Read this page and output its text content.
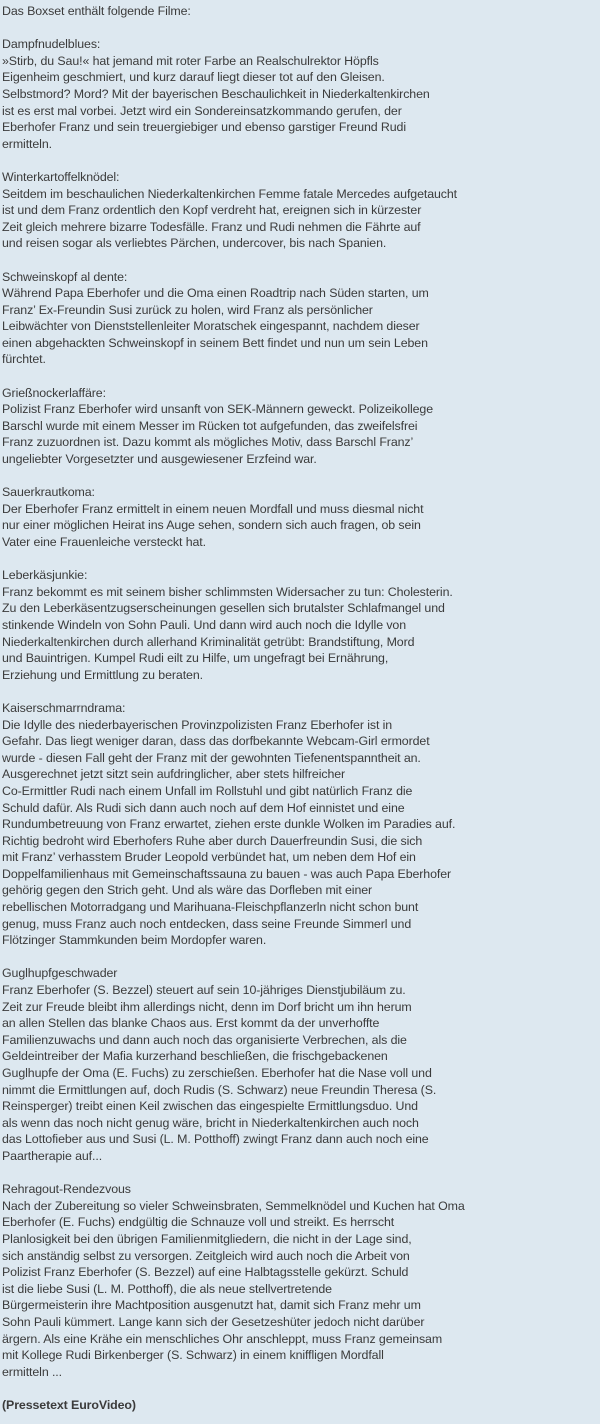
Das Boxset enthält folgende Filme:
Dampfnudelblues:
»Stirb, du Sau!« hat jemand mit roter Farbe an Realschulrektor Höpfls
Eigenheim geschmiert, und kurz darauf liegt dieser tot auf den Gleisen.
Selbstmord? Mord? Mit der bayerischen Beschaulichkeit in Niederkaltenkirchen
ist es erst mal vorbei. Jetzt wird ein Sondereinsatzkommando gerufen, der
Eberhofer Franz und sein treuergiebiger und ebenso garstiger Freund Rudi
ermitteln.
Winterkartoffelknödel:
Seitdem im beschaulichen Niederkaltenkirchen Femme fatale Mercedes aufgetaucht
ist und dem Franz ordentlich den Kopf verdreht hat, ereignen sich in kürzester
Zeit gleich mehrere bizarre Todesfälle. Franz und Rudi nehmen die Fährte auf
und reisen sogar als verliebtes Pärchen, undercover, bis nach Spanien.
Schweinskopf al dente:
Während Papa Eberhofer und die Oma einen Roadtrip nach Süden starten, um
Franz’ Ex-Freundin Susi zurück zu holen, wird Franz als persönlicher
Leibwächter von Dienststellenleiter Moratschek eingespannt, nachdem dieser
einen abgehackten Schweinskopf in seinem Bett findet und nun um sein Leben
fürchtet.
Grießnockerlaffäre:
Polizist Franz Eberhofer wird unsanft von SEK-Männern geweckt. Polizeikollege
Barschl wurde mit einem Messer im Rücken tot aufgefunden, das zweifelsfrei
Franz zuzuordnen ist. Dazu kommt als mögliches Motiv, dass Barschl Franz’
ungeliebter Vorgesetzter und ausgewiesener Erzfeind war.
Sauerkrautkoma:
Der Eberhofer Franz ermittelt in einem neuen Mordfall und muss diesmal nicht
nur einer möglichen Heirat ins Auge sehen, sondern sich auch fragen, ob sein
Vater eine Frauenleiche versteckt hat.
Leberkäsjunkie:
Franz bekommt es mit seinem bisher schlimmsten Widersacher zu tun: Cholesterin.
Zu den Leberkäsentzugserscheinungen gesellen sich brutalster Schlafmangel und
stinkende Windeln von Sohn Pauli. Und dann wird auch noch die Idylle von
Niederkaltenkirchen durch allerhand Kriminalität getrübt: Brandstiftung, Mord
und Bauintrigen. Kumpel Rudi eilt zu Hilfe, um ungefragt bei Ernährung,
Erziehung und Ermittlung zu beraten.
Kaiserschmarrndrama:
Die Idylle des niederbayerischen Provinzpolizisten Franz Eberhofer ist in
Gefahr. Das liegt weniger daran, dass das dorfbekannte Webcam-Girl ermordet
wurde - diesen Fall geht der Franz mit der gewohnten Tiefenentspanntheit an.
Ausgerechnet jetzt sitzt sein aufdringlicher, aber stets hilfreicher
Co-Ermittler Rudi nach einem Unfall im Rollstuhl und gibt natürlich Franz die
Schuld dafür. Als Rudi sich dann auch noch auf dem Hof einnistet und eine
Rundumbetreuung von Franz erwartet, ziehen erste dunkle Wolken im Paradies auf.
Richtig bedroht wird Eberhofers Ruhe aber durch Dauerfreundin Susi, die sich
mit Franz’ verhasstem Bruder Leopold verbündet hat, um neben dem Hof ein
Doppelfamilienhaus mit Gemeinschaftssauna zu bauen - was auch Papa Eberhofer
gehörig gegen den Strich geht. Und als wäre das Dorfleben mit einer
rebellischen Motorradgang und Marihuana-Fleischpflanzerln nicht schon bunt
genug, muss Franz auch noch entdecken, dass seine Freunde Simmerl und
Flötzinger Stammkunden beim Mordopfer waren.
Guglhupfgeschwader
Franz Eberhofer (S. Bezzel) steuert auf sein 10-jähriges Dienstjubiläum zu.
Zeit zur Freude bleibt ihm allerdings nicht, denn im Dorf bricht um ihn herum
an allen Stellen das blanke Chaos aus. Erst kommt da der unverhoffte
Familienzuwachs und dann auch noch das organisierte Verbrechen, als die
Geldeintreiber der Mafia kurzerhand beschließen, die frischgebackenen
Guglhupfe der Oma (E. Fuchs) zu zerschießen. Eberhofer hat die Nase voll und
nimmt die Ermittlungen auf, doch Rudis (S. Schwarz) neue Freundin Theresa (S.
Reinsperger) treibt einen Keil zwischen das eingespielte Ermittlungsduo. Und
als wenn das noch nicht genug wäre, bricht in Niederkaltenkirchen auch noch
das Lottofieber aus und Susi (L. M. Potthoff) zwingt Franz dann auch noch eine
Paartherapie auf...
Rehragout-Rendezvous
Nach der Zubereitung so vieler Schweinsbraten, Semmelknödel und Kuchen hat Oma
Eberhofer (E. Fuchs) endgültig die Schnauze voll und streikt. Es herrscht
Planlosigkeit bei den übrigen Familienmitgliedern, die nicht in der Lage sind,
sich anständig selbst zu versorgen. Zeitgleich wird auch noch die Arbeit von
Polizist Franz Eberhofer (S. Bezzel) auf eine Halbtagsstelle gekürzt. Schuld
ist die liebe Susi (L. M. Potthoff), die als neue stellvertretende
Bürgermeisterin ihre Machtposition ausgenutzt hat, damit sich Franz mehr um
Sohn Pauli kümmert. Lange kann sich der Gesetzeshüter jedoch nicht darüber
ärgern. Als eine Krähe ein menschliches Ohr anschleppt, muss Franz gemeinsam
mit Kollege Rudi Birkenberger (S. Schwarz) in einem kniffligen Mordfall
ermitteln ...
(Pressetext EuroVideo)
